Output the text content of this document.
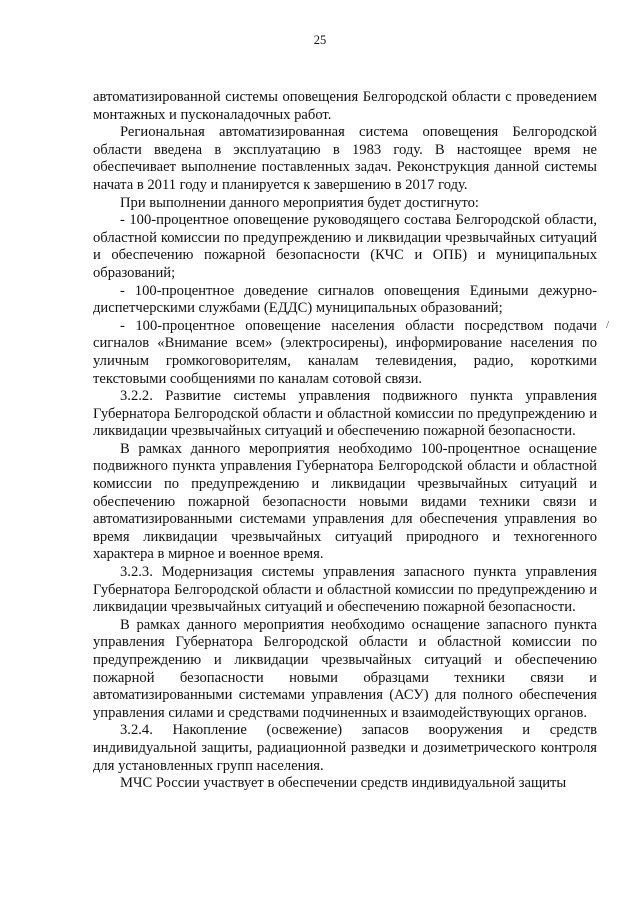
25

автоматизированной системы оповещения Белгородской области с проведением монтажных и пусконаладочных работ.

Региональная автоматизированная система оповещения Белгородской области введена в эксплуатацию в 1983 году. В настоящее время не обеспечивает выполнение поставленных задач. Реконструкция данной системы начата в 2011 году и планируется к завершению в 2017 году.

При выполнении данного мероприятия будет достигнуто:

- 100-процентное оповещение руководящего состава Белгородской области, областной комиссии по предупреждению и ликвидации чрезвычайных ситуаций и обеспечению пожарной безопасности (КЧС и ОПБ) и муниципальных образований;

- 100-процентное доведение сигналов оповещения Едиными дежурно-диспетчерскими службами (ЕДДС) муниципальных образований;

- 100-процентное оповещение населения области посредством подачи сигналов «Внимание всем» (электросирены), информирование населения по уличным громкоговорителям, каналам телевидения, радио, короткими текстовыми сообщениями по каналам сотовой связи.

3.2.2. Развитие системы управления подвижного пункта управления Губернатора Белгородской области и областной комиссии по предупреждению и ликвидации чрезвычайных ситуаций и обеспечению пожарной безопасности.

В рамках данного мероприятия необходимо 100-процентное оснащение подвижного пункта управления Губернатора Белгородской области и областной комиссии по предупреждению и ликвидации чрезвычайных ситуаций и обеспечению пожарной безопасности новыми видами техники связи и автоматизированными системами управления для обеспечения управления во время ликвидации чрезвычайных ситуаций природного и техногенного характера в мирное и военное время.

3.2.3. Модернизация системы управления запасного пункта управления Губернатора Белгородской области и областной комиссии по предупреждению и ликвидации чрезвычайных ситуаций и обеспечению пожарной безопасности.

В рамках данного мероприятия необходимо оснащение запасного пункта управления Губернатора Белгородской области и областной комиссии по предупреждению и ликвидации чрезвычайных ситуаций и обеспечению пожарной безопасности новыми образцами техники связи и автоматизированными системами управления (АСУ) для полного обеспечения управления силами и средствами подчиненных и взаимодействующих органов.

3.2.4. Накопление (освежение) запасов вооружения и средств индивидуальной защиты, радиационной разведки и дозиметрического контроля для установленных групп населения.

МЧС России участвует в обеспечении средств индивидуальной защиты

/
